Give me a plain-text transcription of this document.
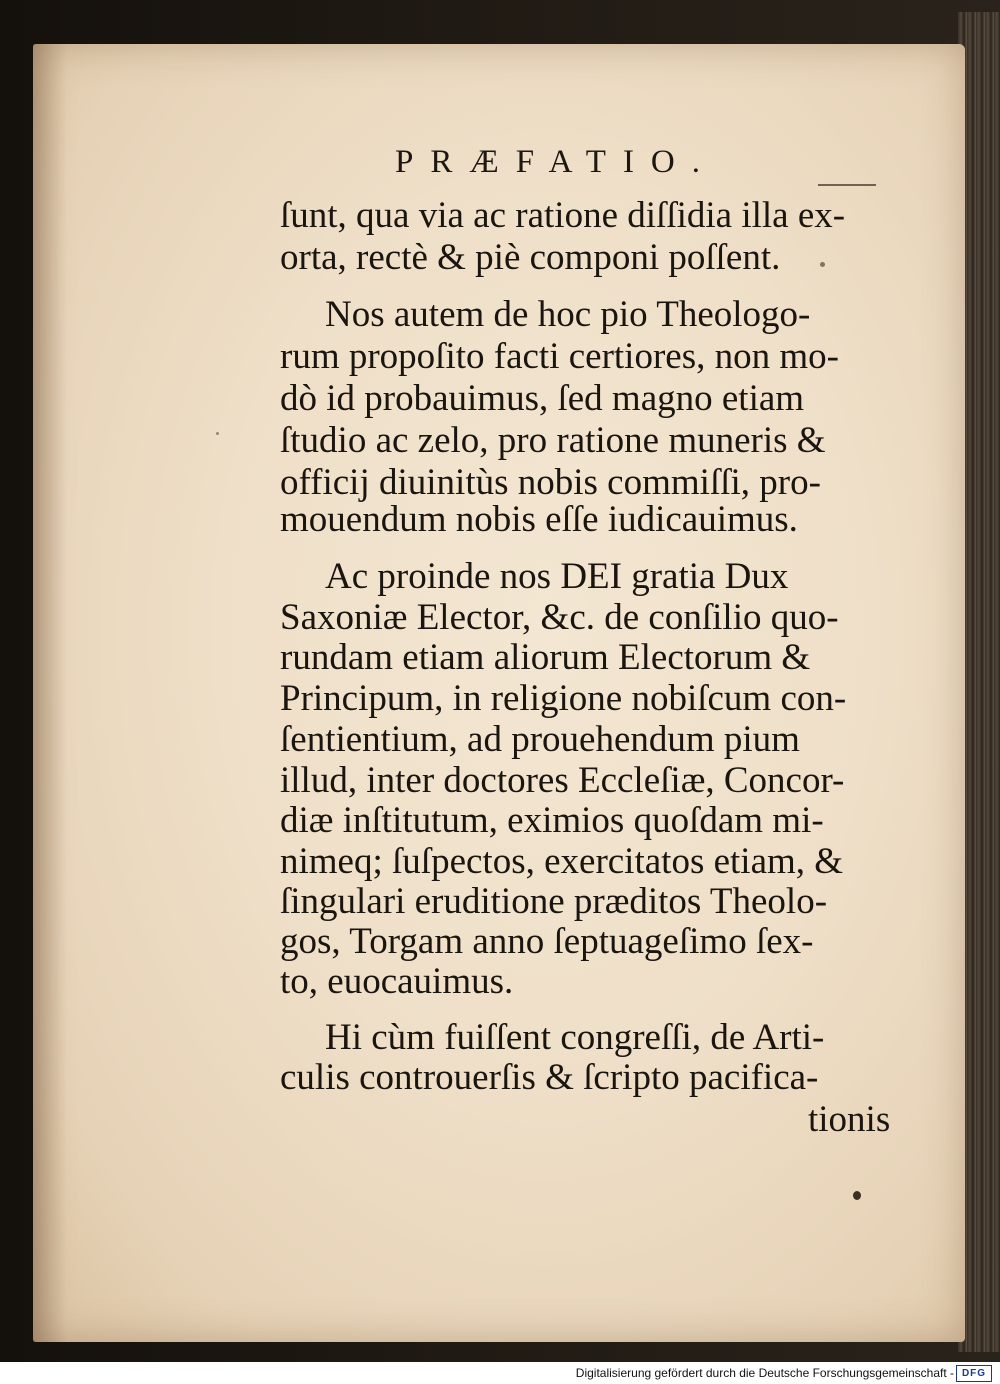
PRÆFATIO.
ſunt, qua via ac ratione diſſidia illa ex-
orta, rectè & piè componi poſſent.
Nos autem de hoc pio Theologo-
rum propoſito facti certiores, non mo-
dò id probauimus, ſed magno etiam
ſtudio ac zelo, pro ratione muneris &
officij diuinitùs nobis commiſſi, pro-
mouendum nobis eſſe iudicauimus.
Ac proinde nos DEI gratia Dux
Saxoniæ Elector, &c. de conſilio quo-
rundam etiam aliorum Electorum &
Principum, in religione nobiſcum con-
ſentientium, ad prouehendum pium
illud, inter doctores Eccleſiæ, Concor-
diæ inſtitutum, eximios quoſdam mi-
nimeq; ſuſpectos, exercitatos etiam, &
ſingulari eruditione præditos Theolo-
gos, Torgam anno ſeptuageſimo ſex-
to, euocauimus.
Hi cùm fuiſſent congreſſi, de Arti-
culis controuerſis & ſcripto pacifica-
tionis
Digitalisierung gefördert durch die Deutsche Forschungsgemeinschaft - DFG
